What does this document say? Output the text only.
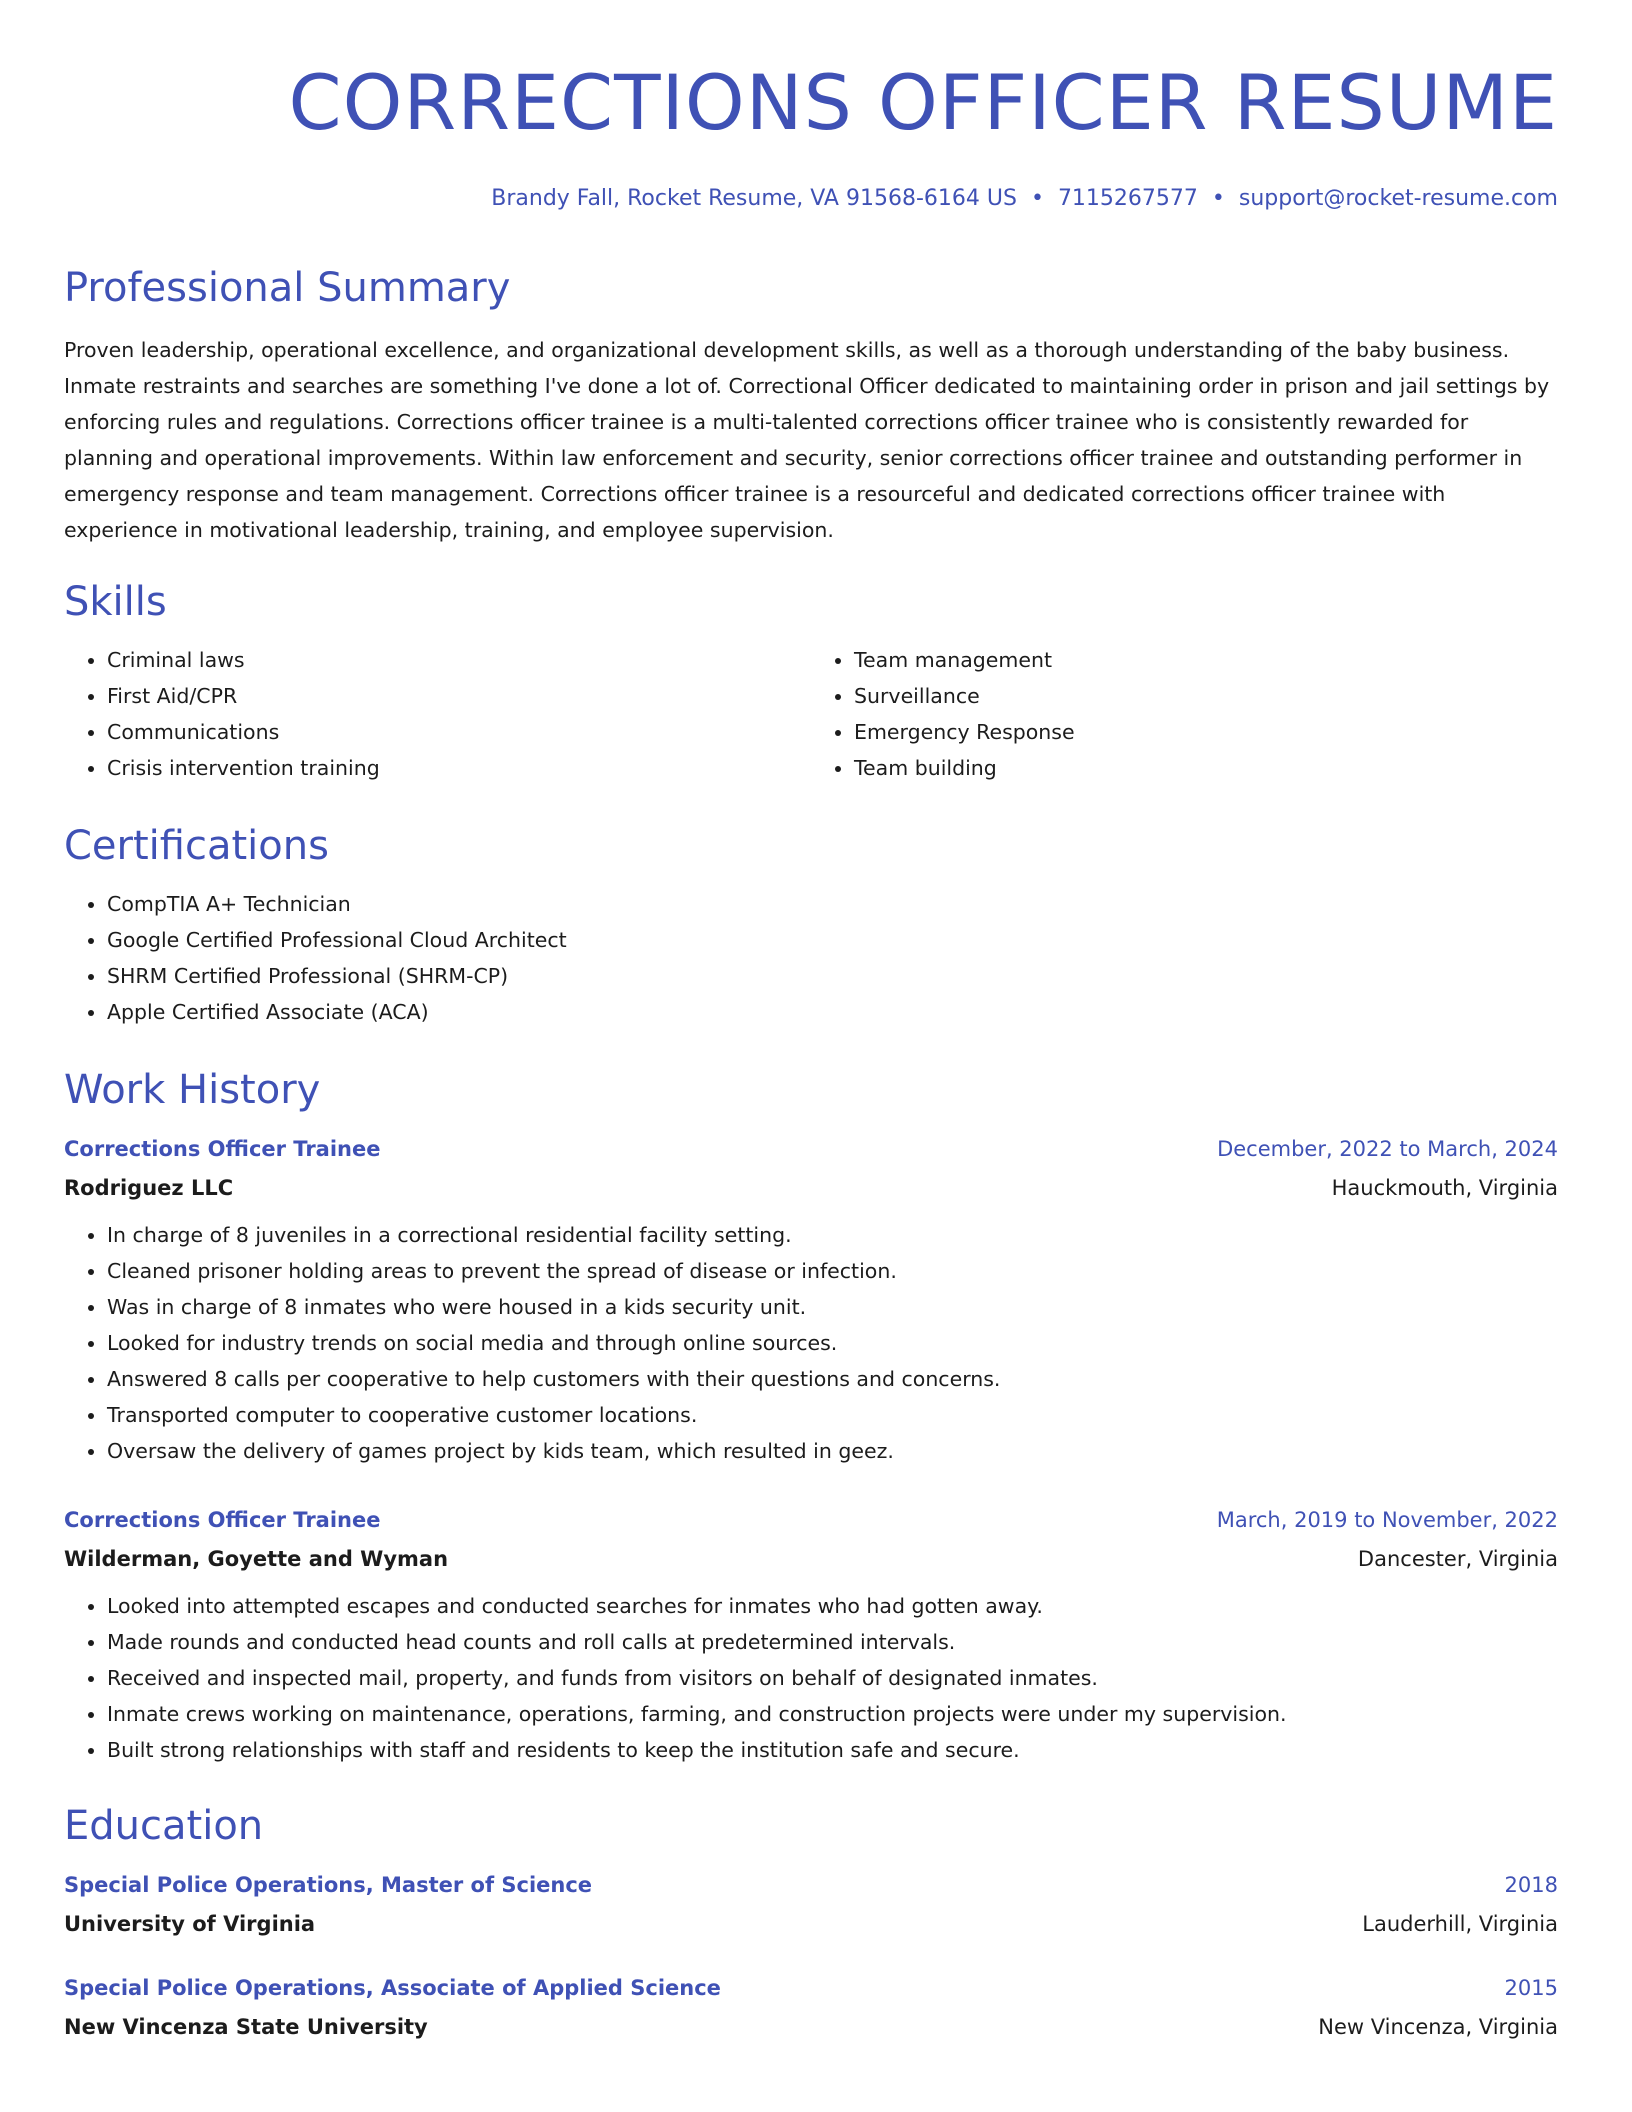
CORRECTIONS OFFICER RESUME
Brandy Fall, Rocket Resume, VA 91568-6164 US • 7115267577 • support@rocket-resume.com
Professional Summary
Proven leadership, operational excellence, and organizational development skills, as well as a thorough understanding of the baby business. Inmate restraints and searches are something I've done a lot of. Correctional Officer dedicated to maintaining order in prison and jail settings by enforcing rules and regulations. Corrections officer trainee is a multi-talented corrections officer trainee who is consistently rewarded for planning and operational improvements. Within law enforcement and security, senior corrections officer trainee and outstanding performer in emergency response and team management. Corrections officer trainee is a resourceful and dedicated corrections officer trainee with experience in motivational leadership, training, and employee supervision.
Skills
• Criminal laws
• First Aid/CPR
• Communications
• Crisis intervention training
• Team management
• Surveillance
• Emergency Response
• Team building
Certifications
• CompTIA A+ Technician
• Google Certified Professional Cloud Architect
• SHRM Certified Professional (SHRM-CP)
• Apple Certified Associate (ACA)
Work History
Corrections Officer Trainee	December, 2022 to March, 2024
Rodriguez LLC	Hauckmouth, Virginia
• In charge of 8 juveniles in a correctional residential facility setting.
• Cleaned prisoner holding areas to prevent the spread of disease or infection.
• Was in charge of 8 inmates who were housed in a kids security unit.
• Looked for industry trends on social media and through online sources.
• Answered 8 calls per cooperative to help customers with their questions and concerns.
• Transported computer to cooperative customer locations.
• Oversaw the delivery of games project by kids team, which resulted in geez.
Corrections Officer Trainee	March, 2019 to November, 2022
Wilderman, Goyette and Wyman	Dancester, Virginia
• Looked into attempted escapes and conducted searches for inmates who had gotten away.
• Made rounds and conducted head counts and roll calls at predetermined intervals.
• Received and inspected mail, property, and funds from visitors on behalf of designated inmates.
• Inmate crews working on maintenance, operations, farming, and construction projects were under my supervision.
• Built strong relationships with staff and residents to keep the institution safe and secure.
Education
Special Police Operations, Master of Science	2018
University of Virginia	Lauderhill, Virginia
Special Police Operations, Associate of Applied Science	2015
New Vincenza State University	New Vincenza, Virginia
